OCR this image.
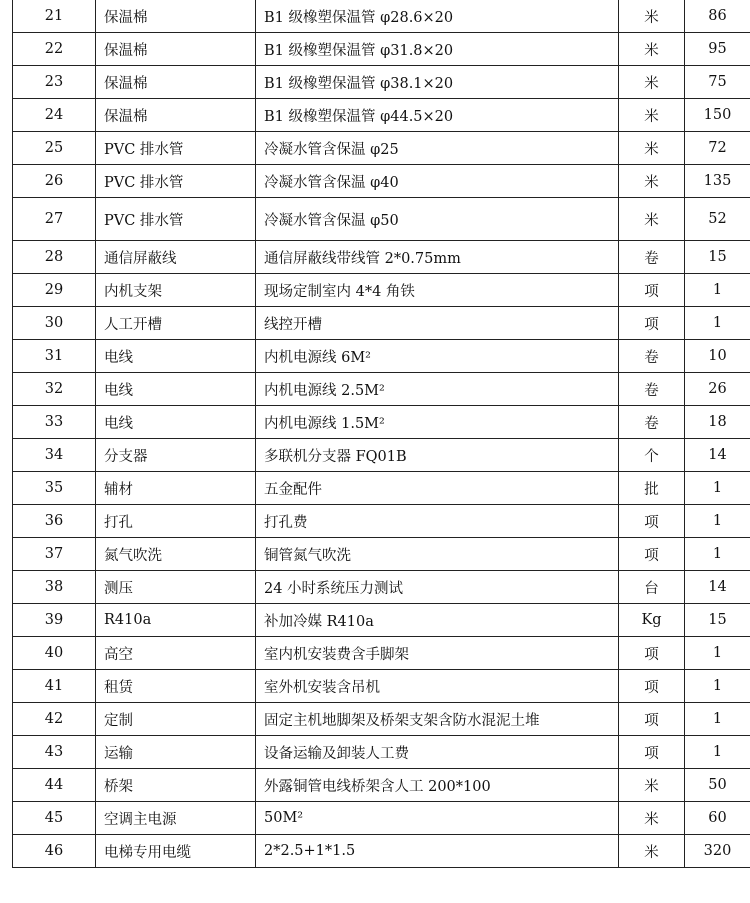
21	保温棉	B1 级橡塑保温管 φ28.6×20	米	86
22	保温棉	B1 级橡塑保温管 φ31.8×20	米	95
23	保温棉	B1 级橡塑保温管 φ38.1×20	米	75
24	保温棉	B1 级橡塑保温管 φ44.5×20	米	150
25	PVC 排水管	冷凝水管含保温 φ25	米	72
26	PVC 排水管	冷凝水管含保温 φ40	米	135
27	PVC 排水管	冷凝水管含保温 φ50	米	52
28	通信屏蔽线	通信屏蔽线带线管 2*0.75mm	卷	15
29	内机支架	现场定制室内 4*4 角铁	项	1
30	人工开槽	线控开槽	项	1
31	电线	内机电源线 6M²	卷	10
32	电线	内机电源线 2.5M²	卷	26
33	电线	内机电源线 1.5M²	卷	18
34	分支器	多联机分支器 FQ01B	个	14
35	辅材	五金配件	批	1
36	打孔	打孔费	项	1
37	氮气吹洗	铜管氮气吹洗	项	1
38	测压	24 小时系统压力测试	台	14
39	R410a	补加冷媒 R410a	Kg	15
40	高空	室内机安装费含手脚架	项	1
41	租赁	室外机安装含吊机	项	1
42	定制	固定主机地脚架及桥架支架含防水混泥土堆	项	1
43	运输	设备运输及卸装人工费	项	1
44	桥架	外露铜管电线桥架含人工 200*100	米	50
45	空调主电源	50M²	米	60
46	电梯专用电缆	2*2.5+1*1.5	米	320
